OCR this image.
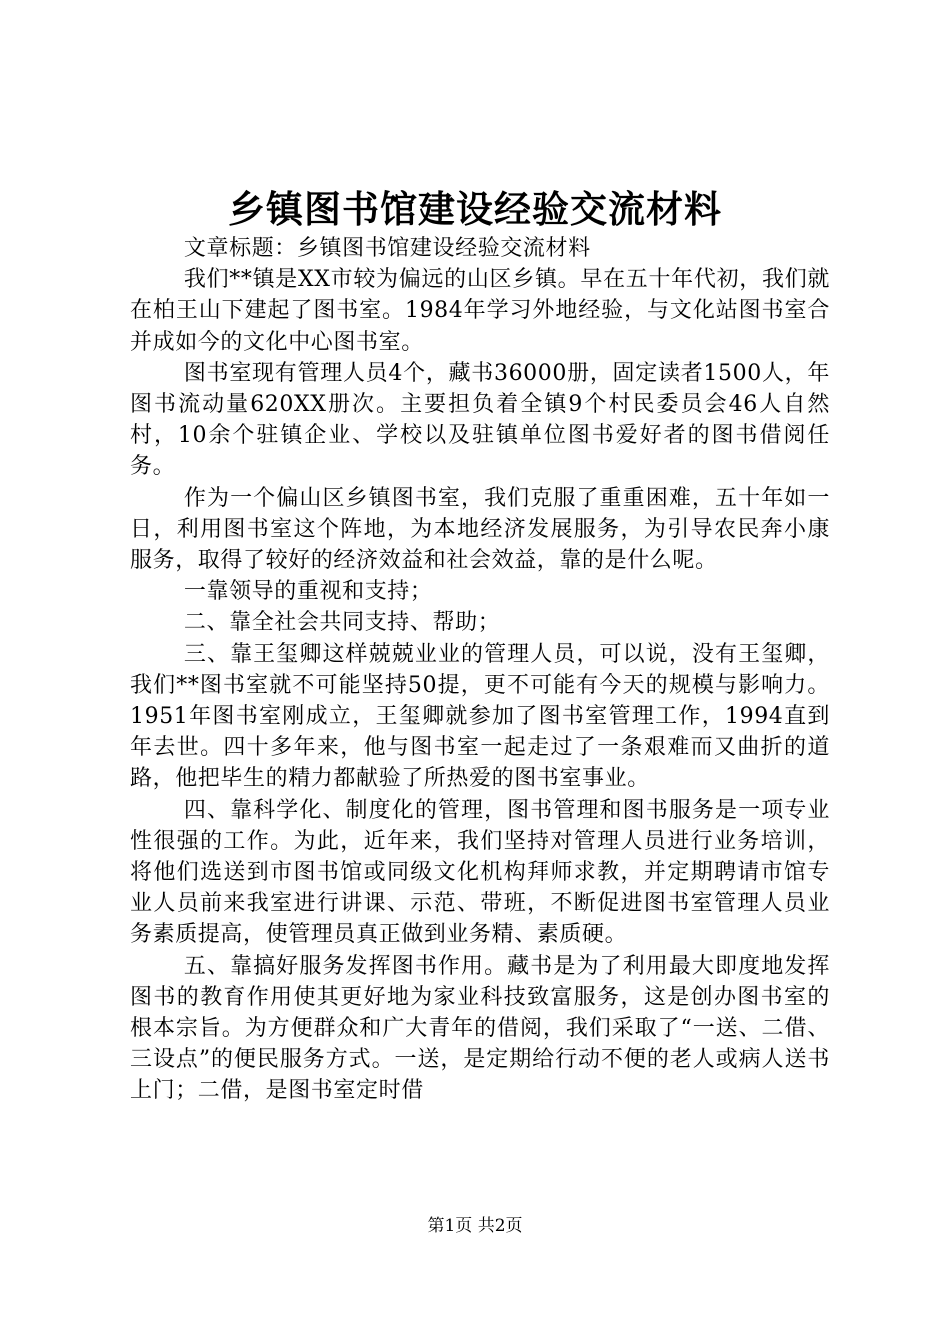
乡镇图书馆建设经验交流材料

文章标题：乡镇图书馆建设经验交流材料

我们**镇是XX市较为偏远的山区乡镇。早在五十年代初，我们就在柏王山下建起了图书室。1984年学习外地经验，与文化站图书室合并成如今的文化中心图书室。

图书室现有管理人员4个，藏书36000册，固定读者1500人，年图书流动量620XX册次。主要担负着全镇9个村民委员会46人自然村，10余个驻镇企业、学校以及驻镇单位图书爱好者的图书借阅任务。

作为一个偏山区乡镇图书室，我们克服了重重困难，五十年如一日，利用图书室这个阵地，为本地经济发展服务，为引导农民奔小康服务，取得了较好的经济效益和社会效益，靠的是什么呢。

一靠领导的重视和支持；

二、靠全社会共同支持、帮助；

三、靠王玺卿这样兢兢业业的管理人员，可以说，没有王玺卿，我们**图书室就不可能坚持50提，更不可能有今天的规模与影响力。1951年图书室刚成立，王玺卿就参加了图书室管理工作，1994直到年去世。四十多年来，他与图书室一起走过了一条艰难而又曲折的道路，他把毕生的精力都献验了所热爱的图书室事业。

四、靠科学化、制度化的管理，图书管理和图书服务是一项专业性很强的工作。为此，近年来，我们坚持对管理人员进行业务培训，将他们选送到市图书馆或同级文化机构拜师求教，并定期聘请市馆专业人员前来我室进行讲课、示范、带班，不断促进图书室管理人员业务素质提高，使管理员真正做到业务精、素质硬。

五、靠搞好服务发挥图书作用。藏书是为了利用最大即度地发挥图书的教育作用使其更好地为家业科技致富服务，这是创办图书室的根本宗旨。为方便群众和广大青年的借阅，我们采取了“一送、二借、三设点”的便民服务方式。一送，是定期给行动不便的老人或病人送书上门；二借，是图书室定时借

第1页 共2页
